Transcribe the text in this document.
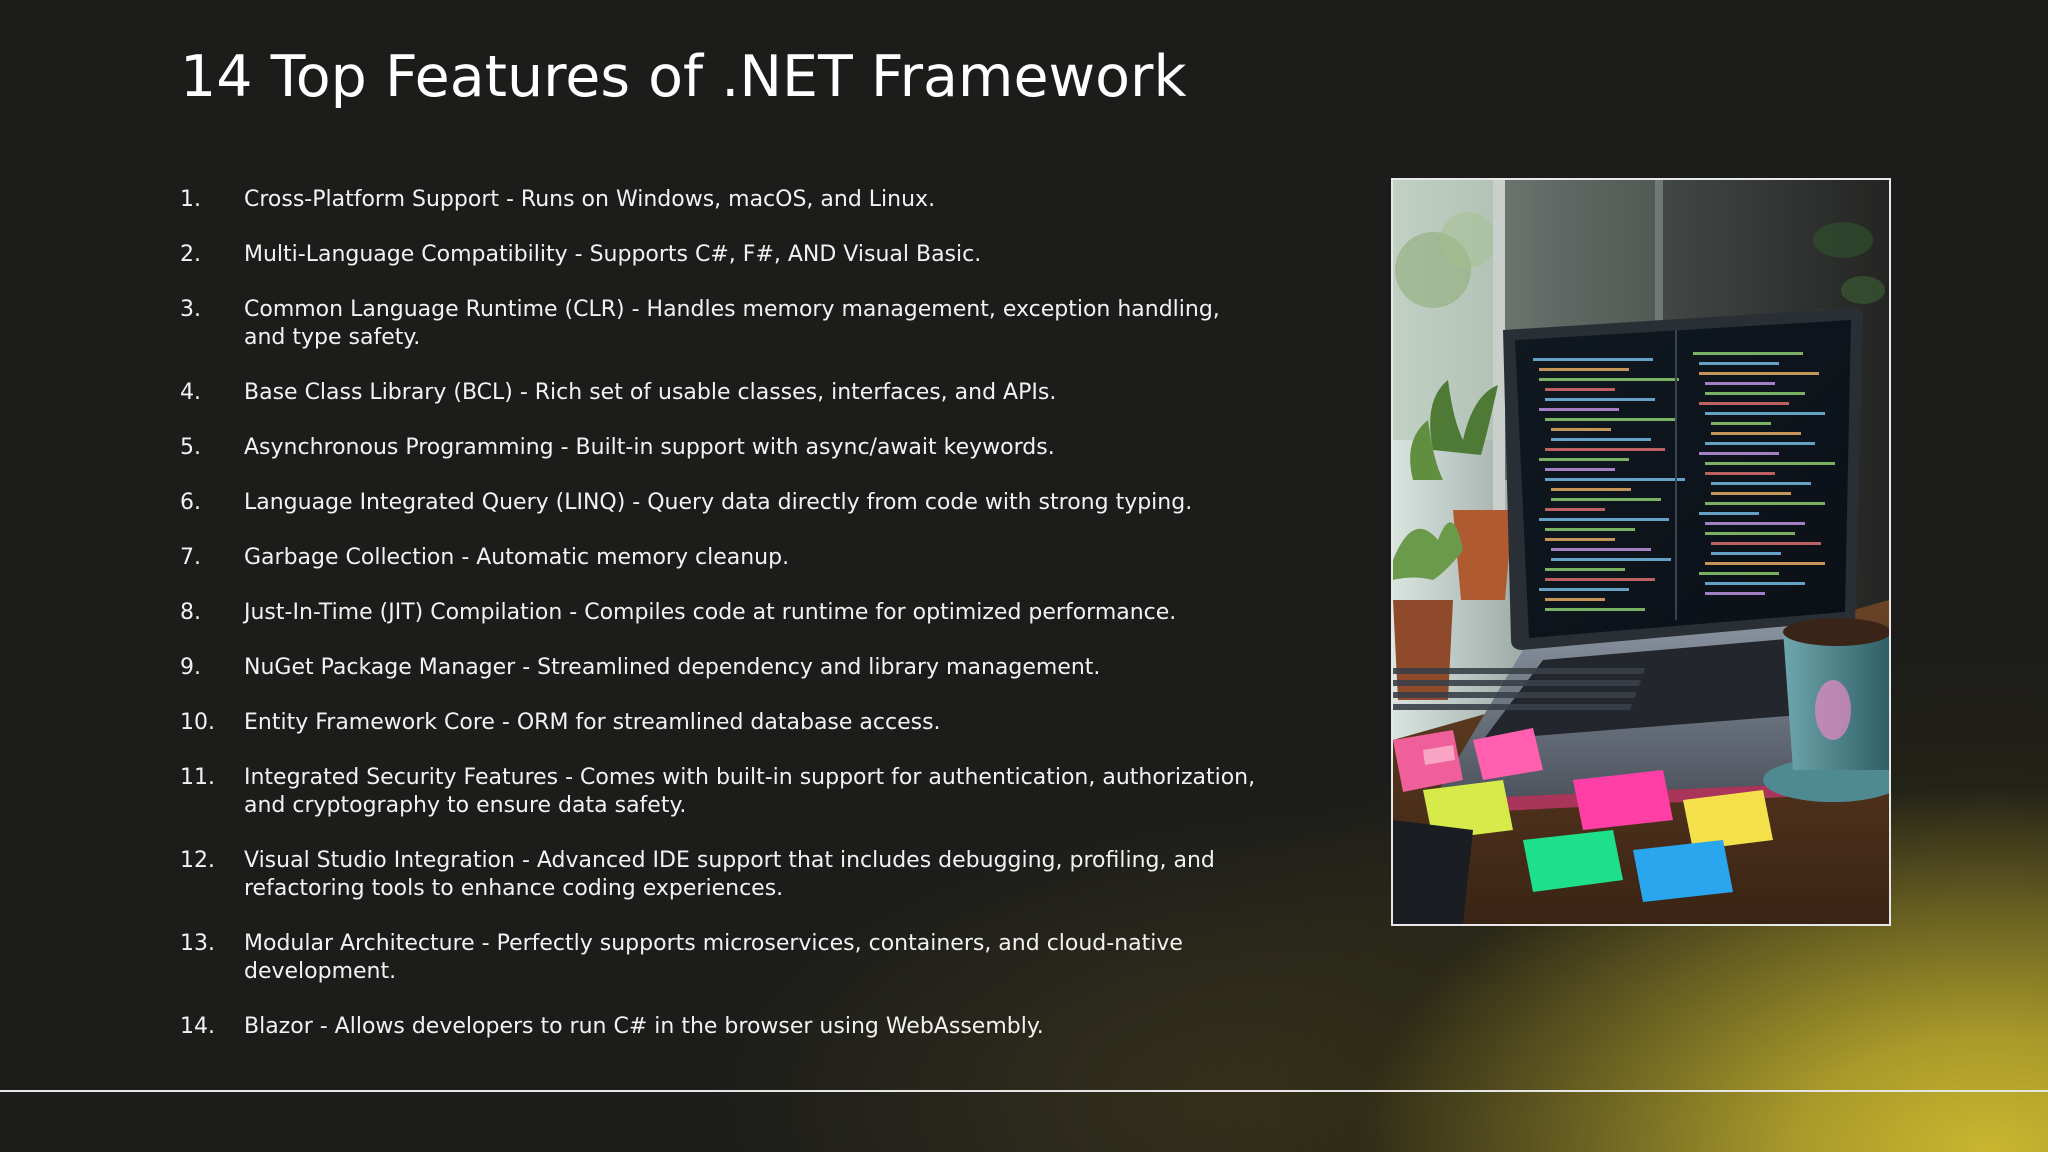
14 Top Features of .NET Framework
1.	Cross-Platform Support - Runs on Windows, macOS, and Linux.
2.	Multi-Language Compatibility - Supports C#, F#, AND Visual Basic.
3.	Common Language Runtime (CLR) - Handles memory management, exception handling, and type safety.
4.	Base Class Library (BCL) - Rich set of usable classes, interfaces, and APIs.
5.	Asynchronous Programming - Built-in support with async/await keywords.
6.	Language Integrated Query (LINQ) - Query data directly from code with strong typing.
7.	Garbage Collection - Automatic memory cleanup.
8.	Just-In-Time (JIT) Compilation - Compiles code at runtime for optimized performance.
9.	NuGet Package Manager - Streamlined dependency and library management.
10.	Entity Framework Core - ORM for streamlined database access.
11.	Integrated Security Features - Comes with built-in support for authentication, authorization, and cryptography to ensure data safety.
12.	Visual Studio Integration - Advanced IDE support that includes debugging, profiling, and refactoring tools to enhance coding experiences.
13.	Modular Architecture - Perfectly supports microservices, containers, and cloud-native development.
14.	Blazor - Allows developers to run C# in the browser using WebAssembly.
